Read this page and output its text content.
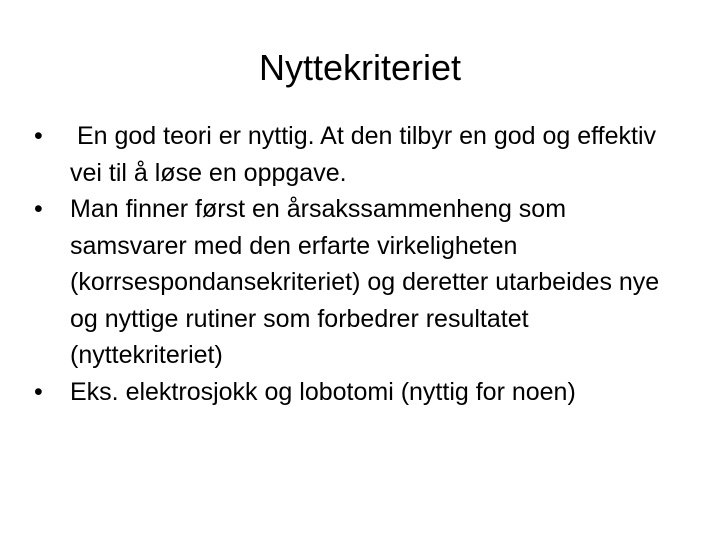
Nyttekriteriet
•	En god teori er nyttig. At den tilbyr en god og effektiv vei til å løse en oppgave.
•	Man finner først en årsakssammenheng som samsvarer med den erfarte virkeligheten (korrsespondansekriteriet) og deretter utarbeides nye og nyttige rutiner som forbedrer resultatet (nyttekriteriet)
•	Eks. elektrosjokk og lobotomi (nyttig for noen)
